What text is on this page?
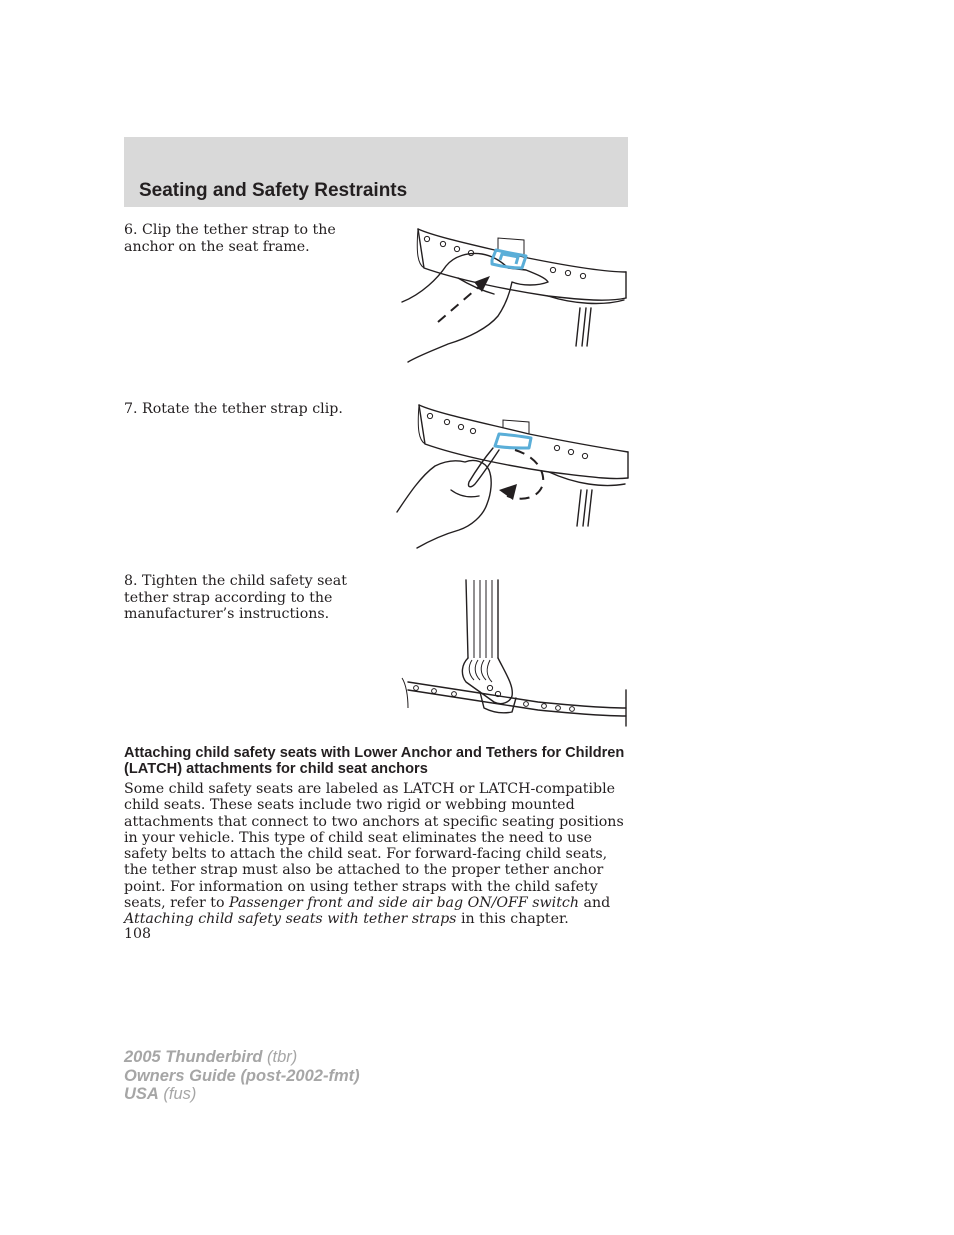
Seating and Safety Restraints
6. Clip the tether strap to the anchor on the seat frame.
7. Rotate the tether strap clip.
8. Tighten the child safety seat tether strap according to the manufacturer’s instructions.
Attaching child safety seats with Lower Anchor and Tethers for Children (LATCH) attachments for child seat anchors
Some child safety seats are labeled as LATCH or LATCH-compatible child seats. These seats include two rigid or webbing mounted attachments that connect to two anchors at specific seating positions in your vehicle. This type of child seat eliminates the need to use safety belts to attach the child seat. For forward-facing child seats, the tether strap must also be attached to the proper tether anchor point. For information on using tether straps with the child safety seats, refer to Passenger front and side air bag ON/OFF switch and Attaching child safety seats with tether straps in this chapter.
108
2005 Thunderbird (tbr)
Owners Guide (post-2002-fmt)
USA (fus)
